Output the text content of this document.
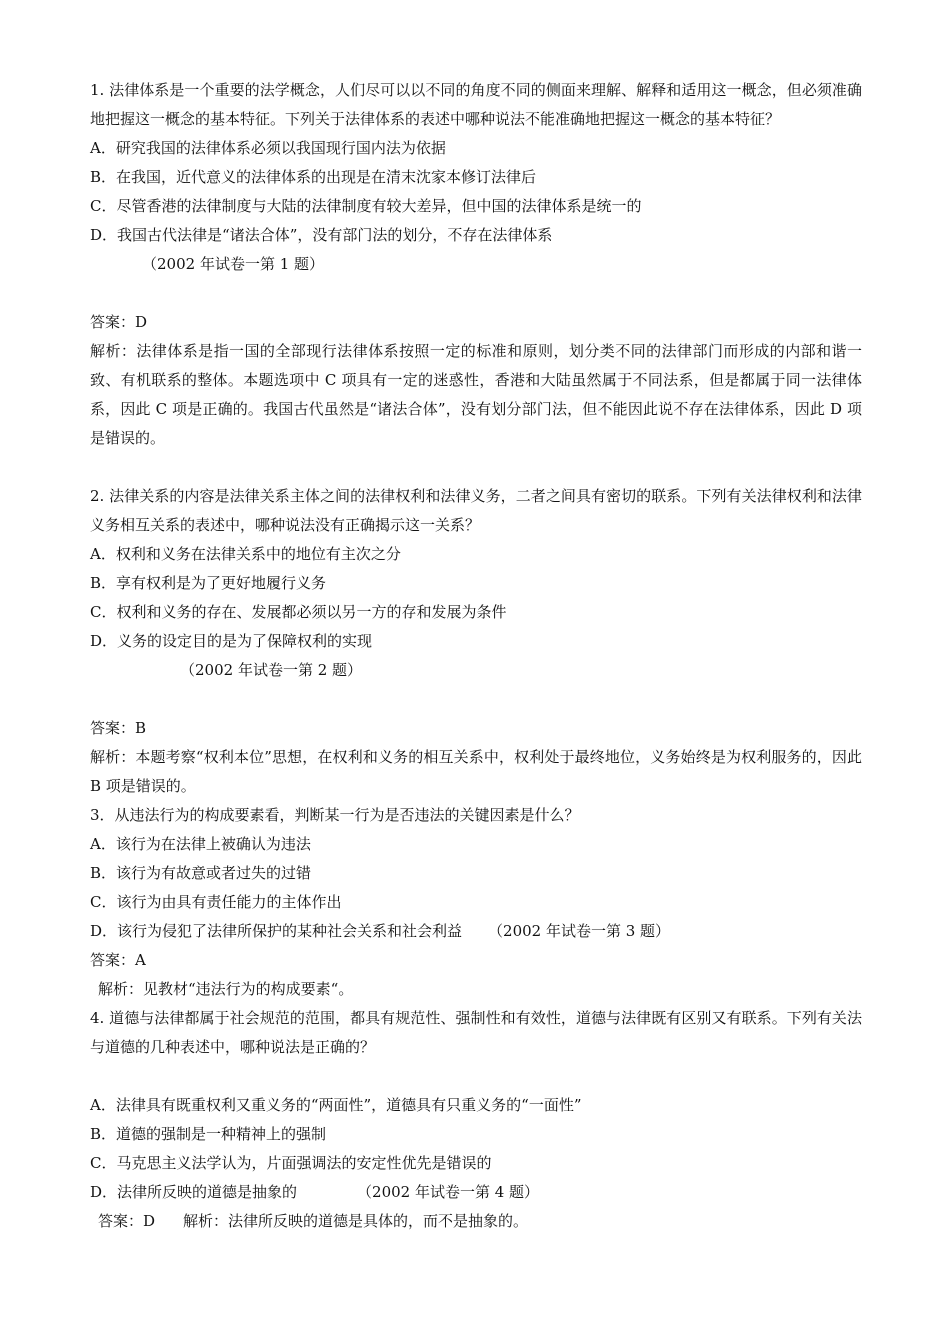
1. 法律体系是一个重要的法学概念，人们尽可以以不同的角度不同的侧面来理解、解释和适用这一概念，但必须准确地把握这一概念的基本特征。下列关于法律体系的表述中哪种说法不能准确地把握这一概念的基本特征？
A．研究我国的法律体系必须以我国现行国内法为依据
B．在我国，近代意义的法律体系的出现是在清末沈家本修订法律后
C．尽管香港的法律制度与大陆的法律制度有较大差异，但中国的法律体系是统一的
D．我国古代法律是“诸法合体”，没有部门法的划分，不存在法律体系
（2002 年试卷一第 1 题）
答案：D
解析：法律体系是指一国的全部现行法律体系按照一定的标准和原则，划分类不同的法律部门而形成的内部和谐一致、有机联系的整体。本题选项中 C 项具有一定的迷惑性，香港和大陆虽然属于不同法系，但是都属于同一法律体系，因此 C 项是正确的。我国古代虽然是“诸法合体”，没有划分部门法，但不能因此说不存在法律体系，因此 D 项是错误的。
2. 法律关系的内容是法律关系主体之间的法律权利和法律义务，二者之间具有密切的联系。下列有关法律权利和法律义务相互关系的表述中，哪种说法没有正确揭示这一关系？
A．权利和义务在法律关系中的地位有主次之分
B．享有权利是为了更好地履行义务
C．权利和义务的存在、发展都必须以另一方的存和发展为条件
D．义务的设定目的是为了保障权利的实现
（2002 年试卷一第 2 题）
答案：B
解析：本题考察“权利本位”思想，在权利和义务的相互关系中，权利处于最终地位，义务始终是为权利服务的，因此 B 项是错误的。
3．从违法行为的构成要素看，判断某一行为是否违法的关键因素是什么？
A．该行为在法律上被确认为违法
B．该行为有故意或者过失的过错
C．该行为由具有责任能力的主体作出
D．该行为侵犯了法律所保护的某种社会关系和社会利益 （2002 年试卷一第 3 题）
答案：A
解析：见教材“违法行为的构成要素“。
4. 道德与法律都属于社会规范的范围，都具有规范性、强制性和有效性，道德与法律既有区别又有联系。下列有关法与道德的几种表述中，哪种说法是正确的？
A．法律具有既重权利又重义务的“两面性”，道德具有只重义务的“一面性”
B．道德的强制是一种精神上的强制
C．马克思主义法学认为，片面强调法的安定性优先是错误的
D．法律所反映的道德是抽象的	（2002 年试卷一第 4 题）
答案：D 解析：法律所反映的道德是具体的，而不是抽象的。
